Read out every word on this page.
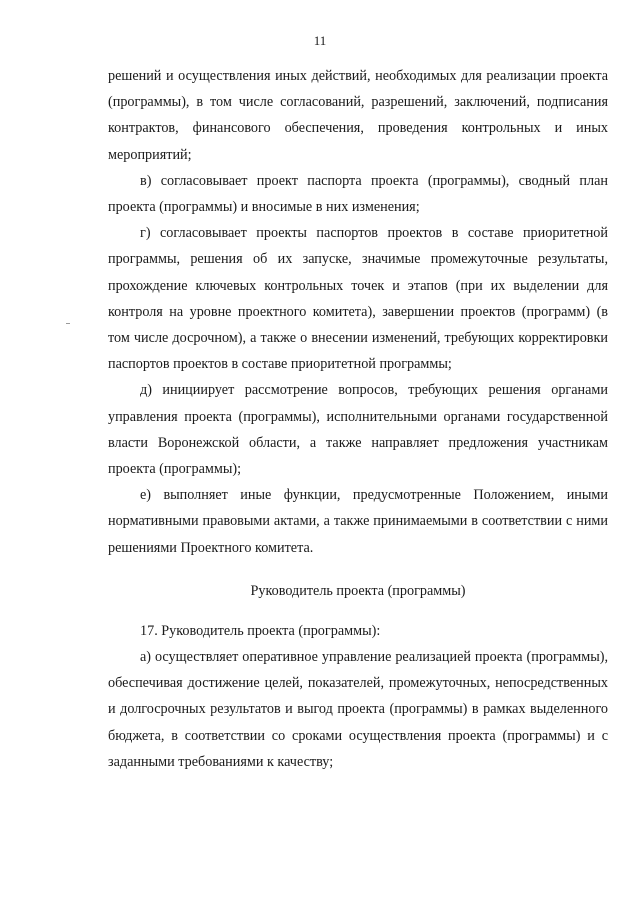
11

решений и осуществления иных действий, необходимых для реализации проекта (программы), в том числе согласований, разрешений, заключений, подписания контрактов, финансового обеспечения, проведения контрольных и иных мероприятий;

в) согласовывает проект паспорта проекта (программы), сводный план проекта (программы) и вносимые в них изменения;

г) согласовывает проекты паспортов проектов в составе приоритетной программы, решения об их запуске, значимые промежуточные результаты, прохождение ключевых контрольных точек и этапов (при их выделении для контроля на уровне проектного комитета), завершении проектов (программ) (в том числе досрочном), а также о внесении изменений, требующих корректировки паспортов проектов в составе приоритетной программы;

д) инициирует рассмотрение вопросов, требующих решения органами управления проекта (программы), исполнительными органами государственной власти Воронежской области, а также направляет предложения участникам проекта (программы);

е) выполняет иные функции, предусмотренные Положением, иными нормативными правовыми актами, а также принимаемыми в соответствии с ними решениями Проектного комитета.

Руководитель проекта (программы)

17. Руководитель проекта (программы):

а) осуществляет оперативное управление реализацией проекта (программы), обеспечивая достижение целей, показателей, промежуточных, непосредственных и долгосрочных результатов и выгод проекта (программы) в рамках выделенного бюджета, в соответствии со сроками осуществления проекта (программы) и с заданными требованиями к качеству;
